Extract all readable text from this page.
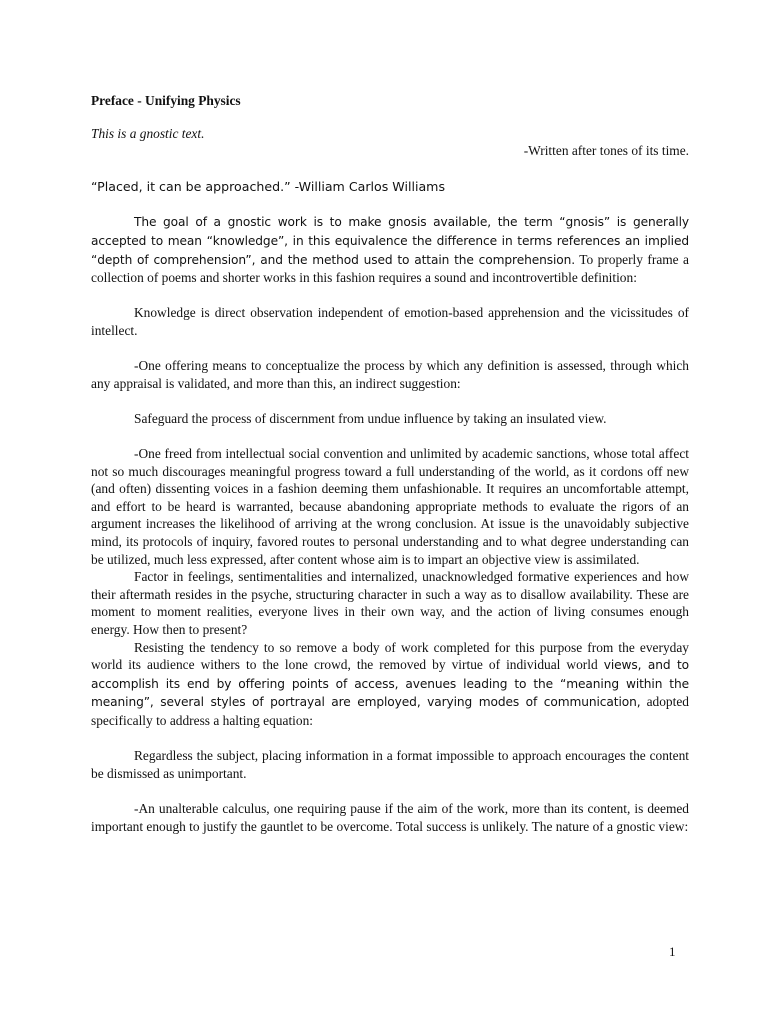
Preface - Unifying Physics
This is a gnostic text.
-Written after tones of its time.
“Placed, it can be approached.” -William Carlos Williams

The goal of a gnostic work is to make gnosis available, the term “gnosis” is generally accepted to mean “knowledge”, in this equivalence the difference in terms references an implied “depth of comprehension”, and the method used to attain the comprehension. To properly frame a collection of poems and shorter works in this fashion requires a sound and incontrovertible definition:

Knowledge is direct observation independent of emotion-based apprehension and the vicissitudes of intellect.

-One offering means to conceptualize the process by which any definition is assessed, through which any appraisal is validated, and more than this, an indirect suggestion:

Safeguard the process of discernment from undue influence by taking an insulated view.

-One freed from intellectual social convention and unlimited by academic sanctions, whose total affect not so much discourages meaningful progress toward a full understanding of the world, as it cordons off new (and often) dissenting voices in a fashion deeming them unfashionable. It requires an uncomfortable attempt, and effort to be heard is warranted, because abandoning appropriate methods to evaluate the rigors of an argument increases the likelihood of arriving at the wrong conclusion. At issue is the unavoidably subjective mind, its protocols of inquiry, favored routes to personal understanding and to what degree understanding can be utilized, much less expressed, after content whose aim is to impart an objective view is assimilated.

Factor in feelings, sentimentalities and internalized, unacknowledged formative experiences and how their aftermath resides in the psyche, structuring character in such a way as to disallow availability. These are moment to moment realities, everyone lives in their own way, and the action of living consumes enough energy. How then to present?

Resisting the tendency to so remove a body of work completed for this purpose from the everyday world its audience withers to the lone crowd, the removed by virtue of individual world views, and to accomplish its end by offering points of access, avenues leading to the “meaning within the meaning”, several styles of portrayal are employed, varying modes of communication, adopted specifically to address a halting equation:

Regardless the subject, placing information in a format impossible to approach encourages the content be dismissed as unimportant.

-An unalterable calculus, one requiring pause if the aim of the work, more than its content, is deemed important enough to justify the gauntlet to be overcome. Total success is unlikely. The nature of a gnostic view:

1
